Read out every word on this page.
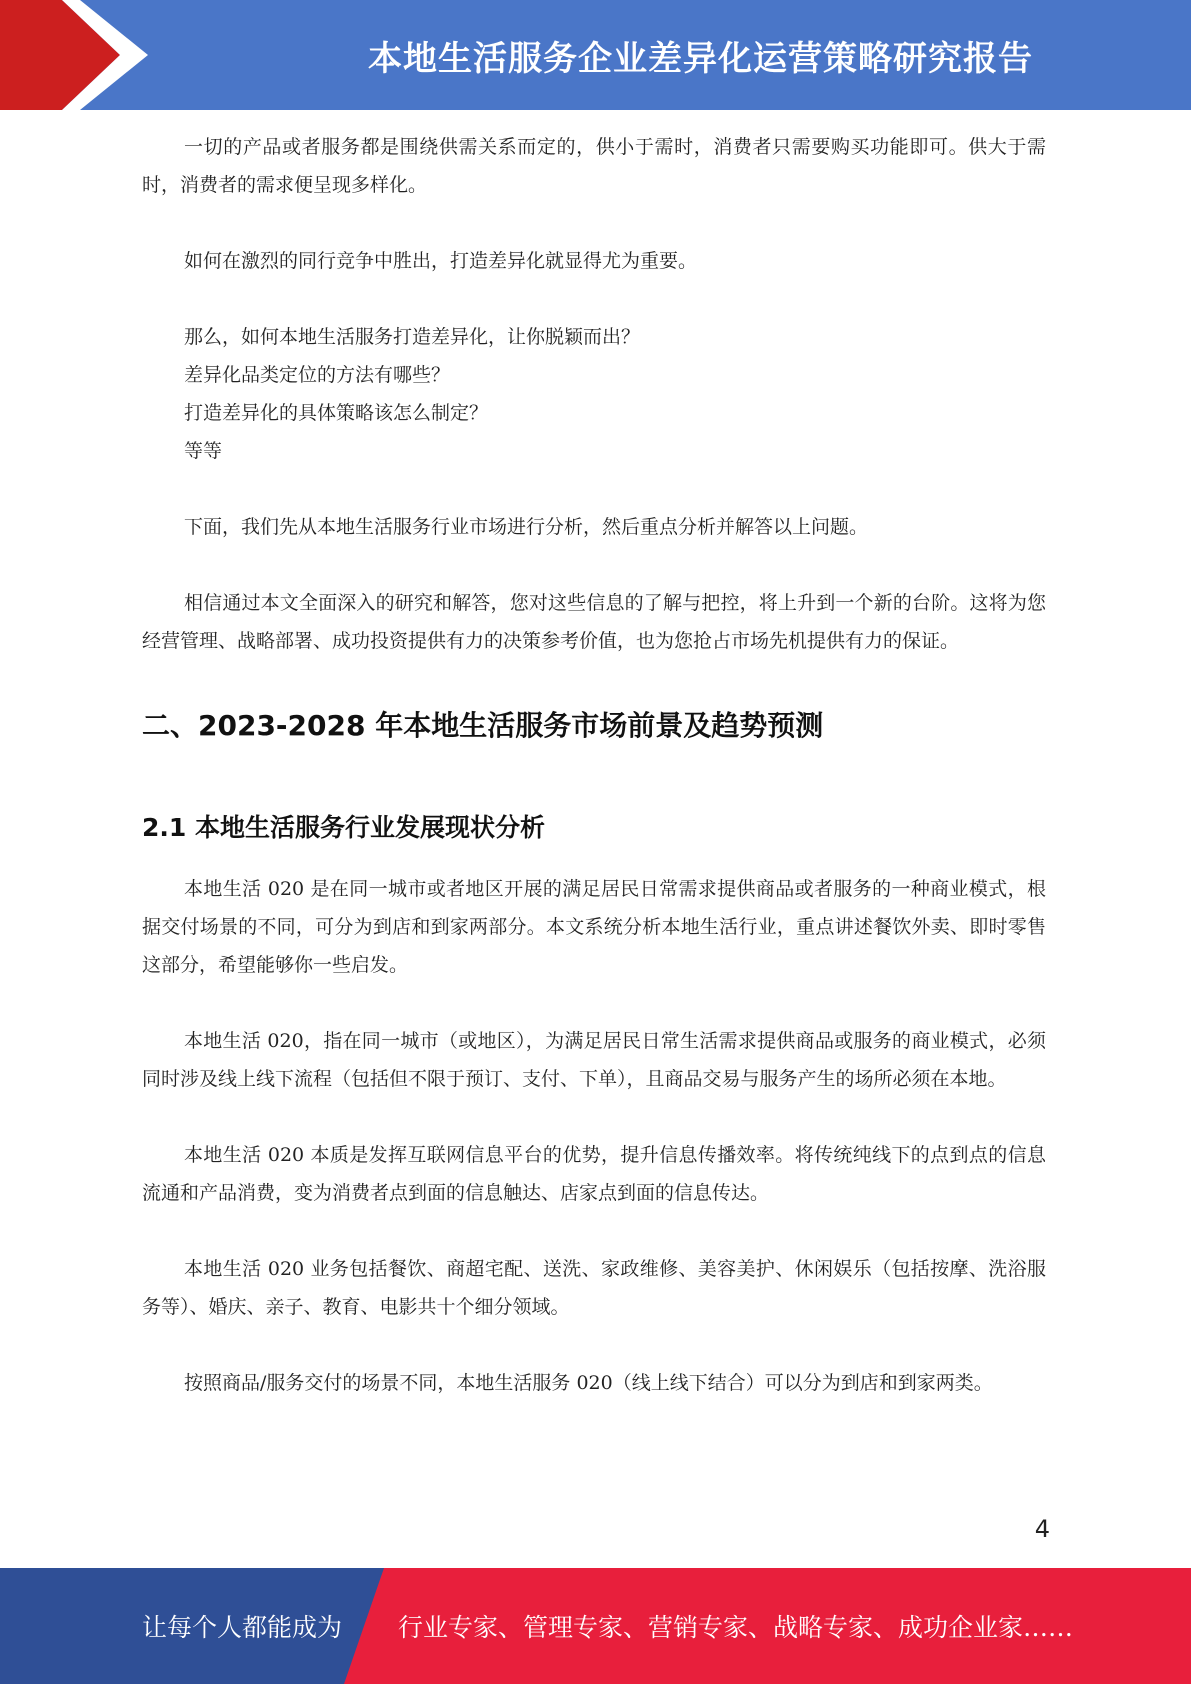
本地生活服务企业差异化运营策略研究报告

一切的产品或者服务都是围绕供需关系而定的，供小于需时，消费者只需要购买功能即可。供大于需时，消费者的需求便呈现多样化。

如何在激烈的同行竞争中胜出，打造差异化就显得尤为重要。

那么，如何本地生活服务打造差异化，让你脱颖而出？

差异化品类定位的方法有哪些？

打造差异化的具体策略该怎么制定？

等等

下面，我们先从本地生活服务行业市场进行分析，然后重点分析并解答以上问题。

相信通过本文全面深入的研究和解答，您对这些信息的了解与把控，将上升到一个新的台阶。这将为您经营管理、战略部署、成功投资提供有力的决策参考价值，也为您抢占市场先机提供有力的保证。

二、2023-2028 年本地生活服务市场前景及趋势预测
2.1 本地生活服务行业发展现状分析

本地生活 020 是在同一城市或者地区开展的满足居民日常需求提供商品或者服务的一种商业模式，根据交付场景的不同，可分为到店和到家两部分。本文系统分析本地生活行业，重点讲述餐饮外卖、即时零售这部分，希望能够你一些启发。

本地生活 020，指在同一城市（或地区），为满足居民日常生活需求提供商品或服务的商业模式，必须同时涉及线上线下流程（包括但不限于预订、支付、下单），且商品交易与服务产生的场所必须在本地。

本地生活 020 本质是发挥互联网信息平台的优势，提升信息传播效率。将传统纯线下的点到点的信息流通和产品消费，变为消费者点到面的信息触达、店家点到面的信息传达。

本地生活 020 业务包括餐饮、商超宅配、送洗、家政维修、美容美护、休闲娱乐（包括按摩、洗浴服务等）、婚庆、亲子、教育、电影共十个细分领域。

按照商品/服务交付的场景不同，本地生活服务 020（线上线下结合）可以分为到店和到家两类。

4
让每个人都能成为 行业专家、管理专家、营销专家、战略专家、成功企业家……
